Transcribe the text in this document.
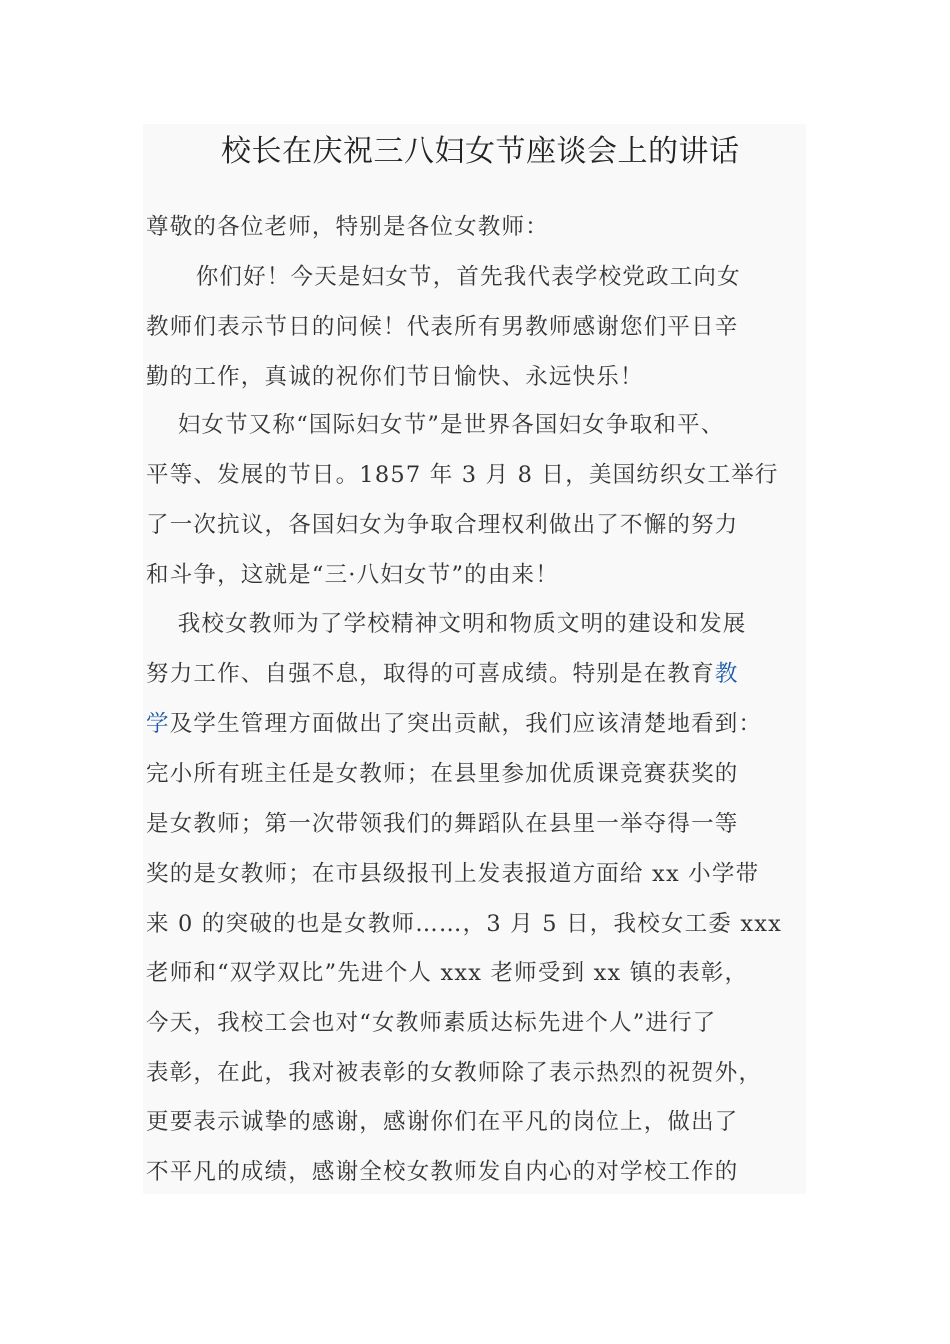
校长在庆祝三八妇女节座谈会上的讲话
尊敬的各位老师，特别是各位女教师：
　你们好！今天是妇女节，首先我代表学校党政工向女
教师们表示节日的问候！代表所有男教师感谢您们平日辛
勤的工作，真诚的祝你们节日愉快、永远快乐！
　妇女节又称“国际妇女节”是世界各国妇女争取和平、
平等、发展的节日。1857 年 3 月 8 日，美国纺织女工举行
了一次抗议，各国妇女为争取合理权利做出了不懈的努力
和斗争，这就是“三·八妇女节”的由来！
　我校女教师为了学校精神文明和物质文明的建设和发展
努力工作、自强不息，取得的可喜成绩。特别是在教育教
学及学生管理方面做出了突出贡献，我们应该清楚地看到：
完小所有班主任是女教师；在县里参加优质课竞赛获奖的
是女教师；第一次带领我们的舞蹈队在县里一举夺得一等
奖的是女教师；在市县级报刊上发表报道方面给 xx 小学带
来 0 的突破的也是女教师……，3 月 5 日，我校女工委 xxx
老师和“双学双比”先进个人 xxx 老师受到 xx 镇的表彰，
今天，我校工会也对“女教师素质达标先进个人”进行了
表彰，在此，我对被表彰的女教师除了表示热烈的祝贺外，
更要表示诚挚的感谢，感谢你们在平凡的岗位上，做出了
不平凡的成绩，感谢全校女教师发自内心的对学校工作的
